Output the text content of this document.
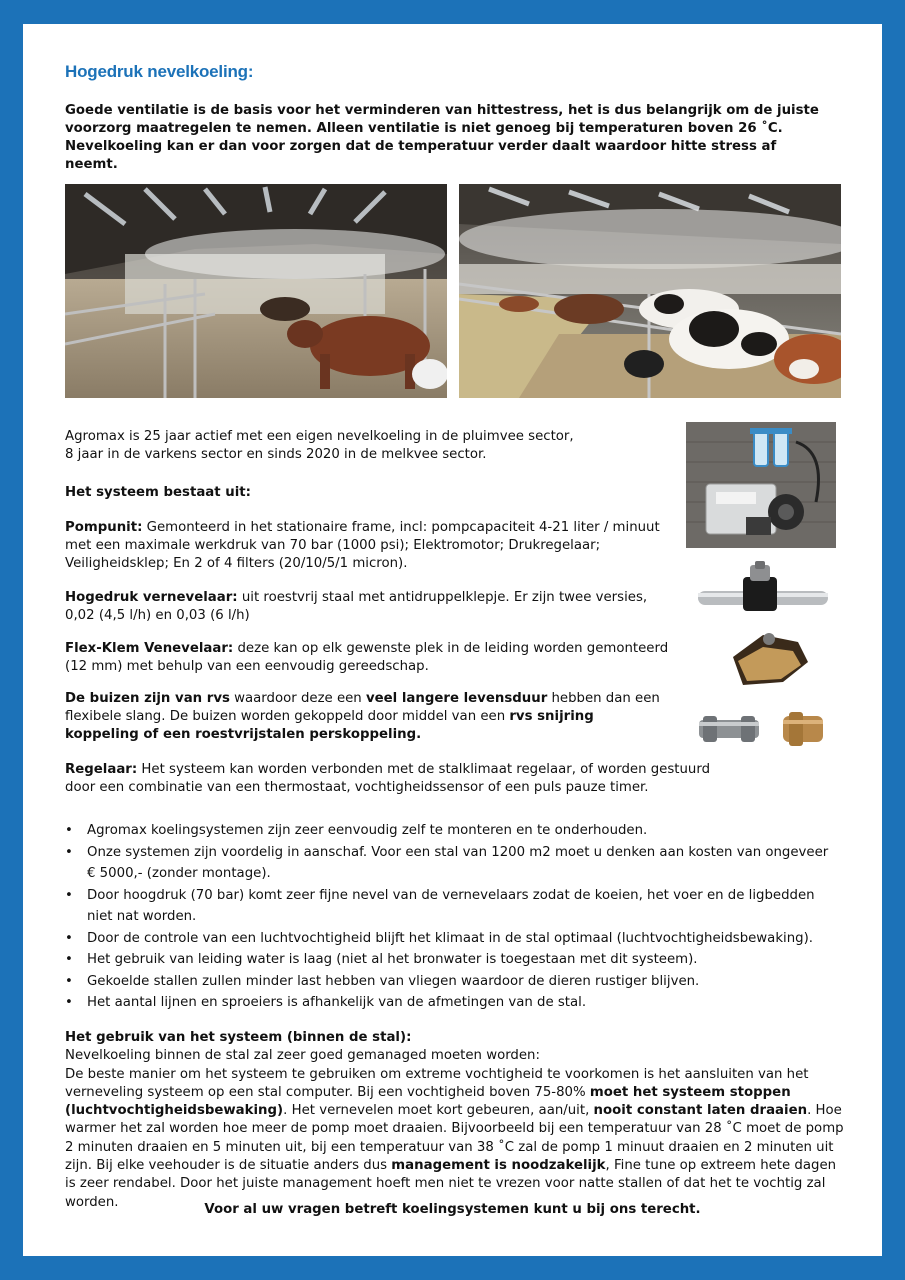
Hogedruk nevelkoeling:

Goede ventilatie is de basis voor het verminderen van hittestress, het is dus belangrijk om de juiste voorzorg maatregelen te nemen. Alleen ventilatie is niet genoeg bij temperaturen boven 26 ˚C. Nevelkoeling kan er dan voor zorgen dat de temperatuur verder daalt waardoor hitte stress af neemt.

Agromax is 25 jaar actief met een eigen nevelkoeling in de pluimvee sector,
8 jaar in de varkens sector en sinds 2020 in de melkvee sector.

Het systeem bestaat uit:

Pompunit: Gemonteerd in het stationaire frame, incl: pompcapaciteit 4-21 liter / minuut met een maximale werkdruk van 70 bar (1000 psi); Elektromotor; Drukregelaar; Veiligheidsklep; En 2 of 4 filters (20/10/5/1 micron).

Hogedruk vernevelaar: uit roestvrij staal met antidruppelklepje. Er zijn twee versies, 0,02 (4,5 l/h) en 0,03 (6 l/h)

Flex-Klem Venevelaar: deze kan op elk gewenste plek in de leiding worden gemonteerd (12 mm) met behulp van een eenvoudig gereedschap.

De buizen zijn van rvs waardoor deze een veel langere levensduur hebben dan een flexibele slang. De buizen worden gekoppeld door middel van een rvs snijring koppeling of een roestvrijstalen perskoppeling.

Regelaar: Het systeem kan worden verbonden met de stalklimaat regelaar, of worden gestuurd door een combinatie van een thermostaat, vochtigheidssensor of een puls pauze timer.

• Agromax koelingsystemen zijn zeer eenvoudig zelf te monteren en te onderhouden.
• Onze systemen zijn voordelig in aanschaf. Voor een stal van 1200 m2 moet u denken aan kosten van ongeveer € 5000,- (zonder montage).
• Door hoogdruk (70 bar) komt zeer fijne nevel van de vernevelaars zodat de koeien, het voer en de ligbedden niet nat worden.
• Door de controle van een luchtvochtigheid blijft het klimaat in de stal optimaal (luchtvochtigheidsbewaking).
• Het gebruik van leiding water is laag (niet al het bronwater is toegestaan met dit systeem).
• Gekoelde stallen zullen minder last hebben van vliegen waardoor de dieren rustiger blijven.
• Het aantal lijnen en sproeiers is afhankelijk van de afmetingen van de stal.

Het gebruik van het systeem (binnen de stal):

Nevelkoeling binnen de stal zal zeer goed gemanaged moeten worden:

De beste manier om het systeem te gebruiken om extreme vochtigheid te voorkomen is het aansluiten van het verneveling systeem op een stal computer. Bij een vochtigheid boven 75-80% moet het systeem stoppen (luchtvochtigheidsbewaking). Het vernevelen moet kort gebeuren, aan/uit, nooit constant laten draaien. Hoe warmer het zal worden hoe meer de pomp moet draaien. Bijvoorbeeld bij een temperatuur van 28 ˚C moet de pomp 2 minuten draaien en 5 minuten uit, bij een temperatuur van 38 ˚C zal de pomp 1 minuut draaien en 2 minuten uit zijn. Bij elke veehouder is de situatie anders dus management is noodzakelijk, Fine tune op extreem hete dagen is zeer rendabel. Door het juiste management hoeft men niet te vrezen voor natte stallen of dat het te vochtig zal worden.	Voor al uw vragen betreft koelingsystemen kunt u bij ons terecht.
